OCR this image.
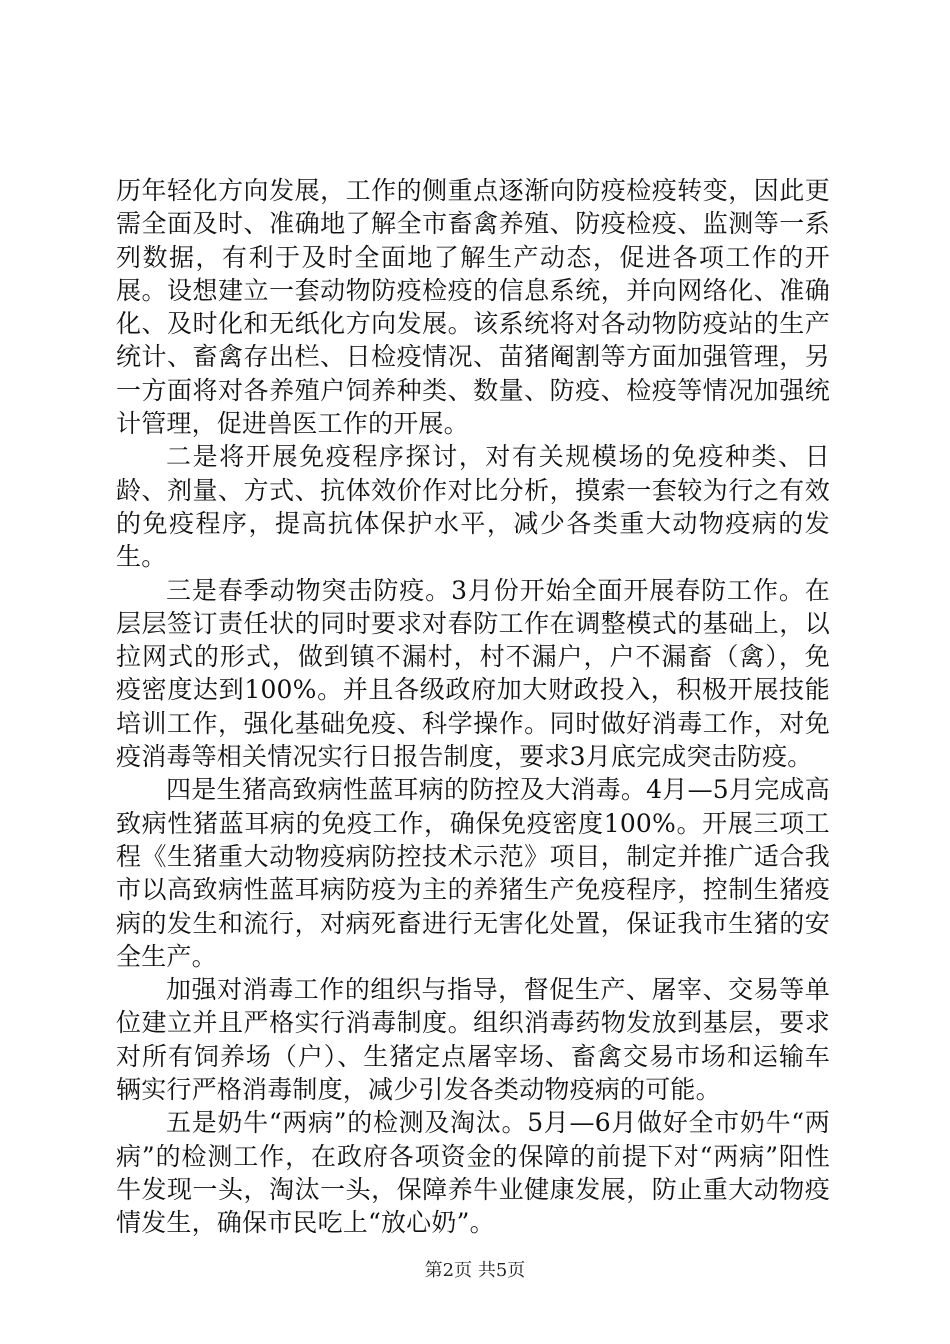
历年轻化方向发展，工作的侧重点逐渐向防疫检疫转变，因此更需全面及时、准确地了解全市畜禽养殖、防疫检疫、监测等一系列数据，有利于及时全面地了解生产动态，促进各项工作的开展。设想建立一套动物防疫检疫的信息系统，并向网络化、准确化、及时化和无纸化方向发展。该系统将对各动物防疫站的生产统计、畜禽存出栏、日检疫情况、苗猪阉割等方面加强管理，另一方面将对各养殖户饲养种类、数量、防疫、检疫等情况加强统计管理，促进兽医工作的开展。

二是将开展免疫程序探讨，对有关规模场的免疫种类、日龄、剂量、方式、抗体效价作对比分析，摸索一套较为行之有效的免疫程序，提高抗体保护水平，减少各类重大动物疫病的发生。

三是春季动物突击防疫。3月份开始全面开展春防工作。在层层签订责任状的同时要求对春防工作在调整模式的基础上，以拉网式的形式，做到镇不漏村，村不漏户，户不漏畜（禽），免疫密度达到100%。并且各级政府加大财政投入，积极开展技能培训工作，强化基础免疫、科学操作。同时做好消毒工作，对免疫消毒等相关情况实行日报告制度，要求3月底完成突击防疫。

四是生猪高致病性蓝耳病的防控及大消毒。4月—5月完成高致病性猪蓝耳病的免疫工作，确保免疫密度100%。开展三项工程《生猪重大动物疫病防控技术示范》项目，制定并推广适合我市以高致病性蓝耳病防疫为主的养猪生产免疫程序，控制生猪疫病的发生和流行，对病死畜进行无害化处置，保证我市生猪的安全生产。

加强对消毒工作的组织与指导，督促生产、屠宰、交易等单位建立并且严格实行消毒制度。组织消毒药物发放到基层，要求对所有饲养场（户）、生猪定点屠宰场、畜禽交易市场和运输车辆实行严格消毒制度，减少引发各类动物疫病的可能。

五是奶牛“两病”的检测及淘汰。5月—6月做好全市奶牛“两病”的检测工作，在政府各项资金的保障的前提下对“两病”阳性牛发现一头，淘汰一头，保障养牛业健康发展，防止重大动物疫情发生，确保市民吃上“放心奶”。

第2页 共5页
